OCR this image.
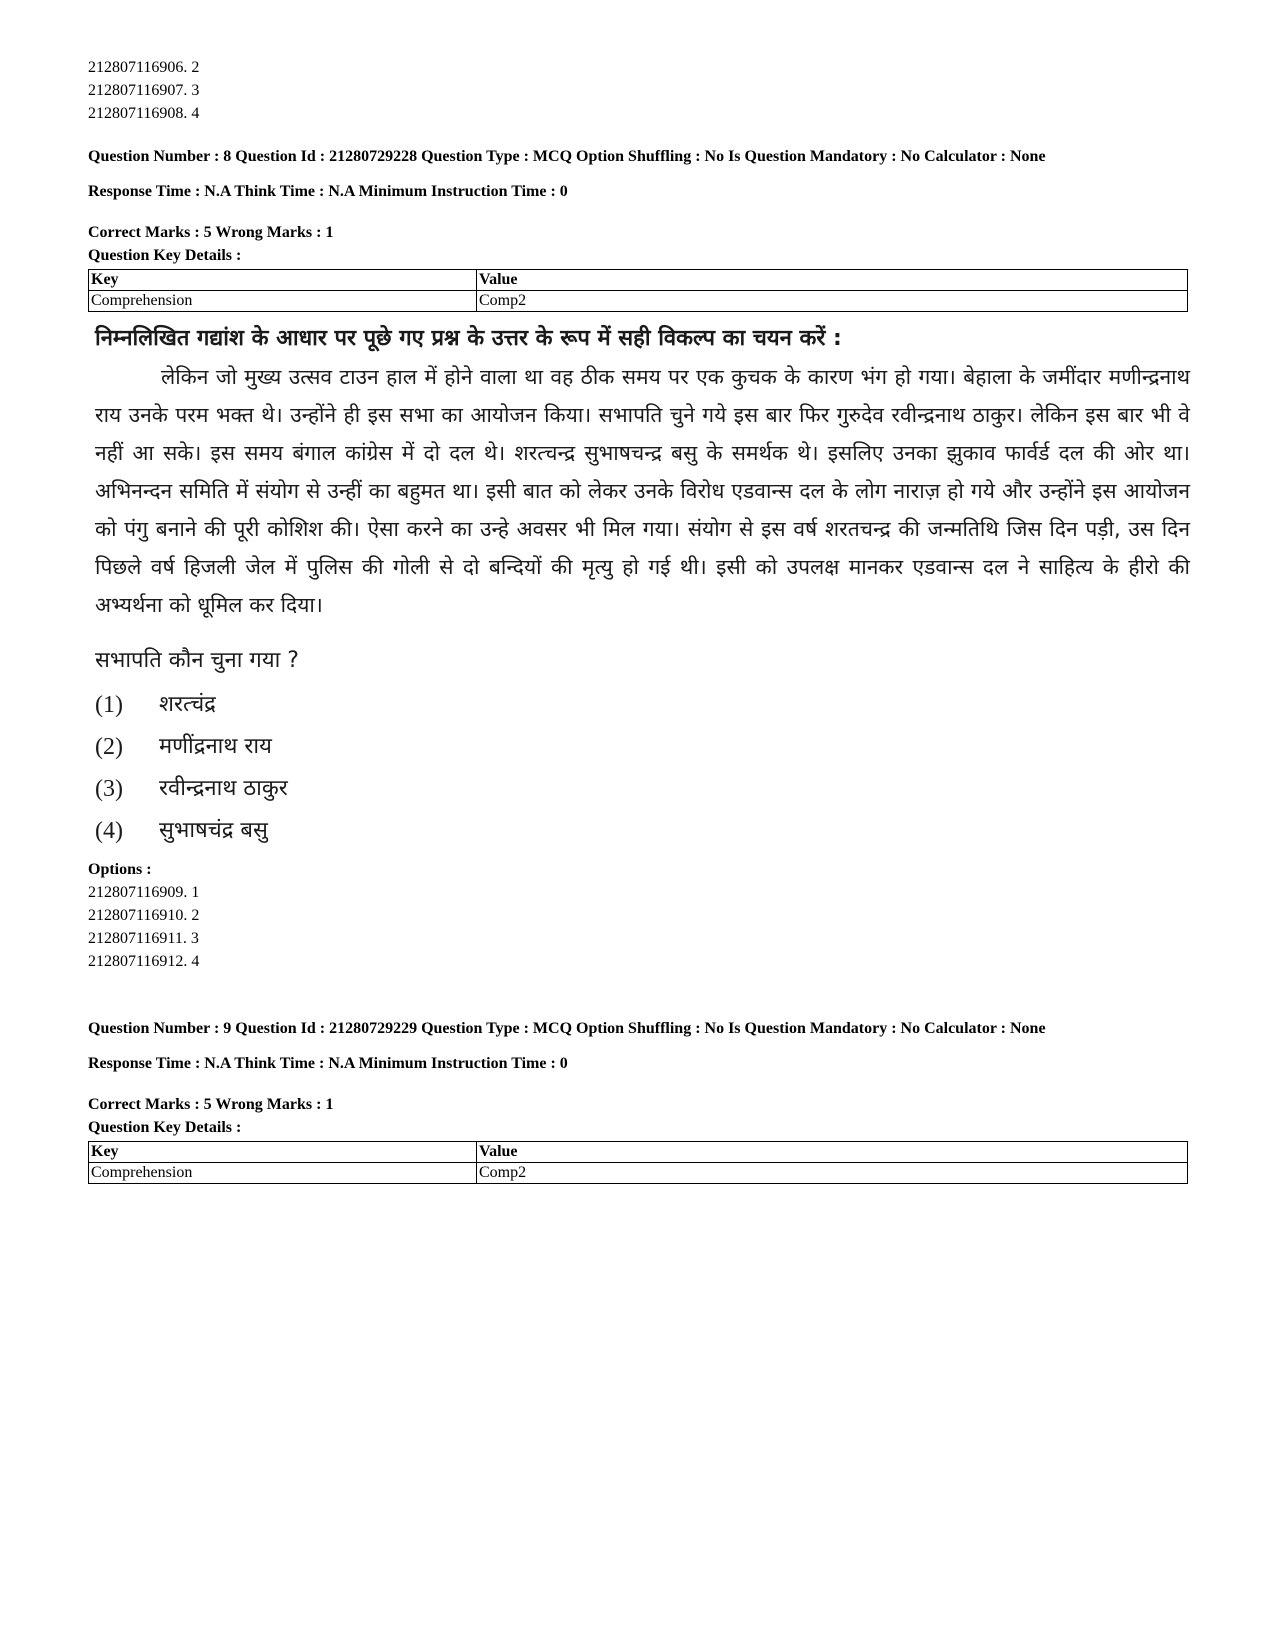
212807116906. 2

212807116907. 3

212807116908. 4

Question Number : 8 Question Id : 21280729228 Question Type : MCQ Option Shuffling : No Is Question Mandatory : No Calculator : None

Response Time : N.A Think Time : N.A Minimum Instruction Time : 0

Correct Marks : 5 Wrong Marks : 1

Question Key Details :

Key	Value
Comprehension	Comp2

निम्नलिखित गद्यांश के आधार पर पूछे गए प्रश्न के उत्तर के रूप में सही विकल्प का चयन करें :

लेकिन जो मुख्य उत्सव टाउन हाल में होने वाला था वह ठीक समय पर एक कुचक के कारण भंग हो गया। बेहाला के जमींदार मणीन्द्रनाथ राय उनके परम भक्त थे। उन्होंने ही इस सभा का आयोजन किया। सभापति चुने गये इस बार फिर गुरुदेव रवीन्द्रनाथ ठाकुर। लेकिन इस बार भी वे नहीं आ सके। इस समय बंगाल कांग्रेस में दो दल थे। शरत्चन्द्र सुभाषचन्द्र बसु के समर्थक थे। इसलिए उनका झुकाव फार्वर्ड दल की ओर था। अभिनन्दन समिति में संयोग से उन्हीं का बहुमत था। इसी बात को लेकर उनके विरोध एडवान्स दल के लोग नाराज़ हो गये और उन्होंने इस आयोजन को पंगु बनाने की पूरी कोशिश की। ऐसा करने का उन्हे अवसर भी मिल गया। संयोग से इस वर्ष शरतचन्द्र की जन्मतिथि जिस दिन पड़ी, उस दिन पिछले वर्ष हिजली जेल में पुलिस की गोली से दो बन्दियों की मृत्यु हो गई थी। इसी को उपलक्ष मानकर एडवान्स दल ने साहित्य के हीरो की अभ्यर्थना को धूमिल कर दिया।

सभापति कौन चुना गया ?

(1)	शरत्चंद्र
(2)	मणींद्रनाथ राय
(3)	रवीन्द्रनाथ ठाकुर
(4)	सुभाषचंद्र बसु

Options :

212807116909. 1

212807116910. 2

212807116911. 3

212807116912. 4

Question Number : 9 Question Id : 21280729229 Question Type : MCQ Option Shuffling : No Is Question Mandatory : No Calculator : None

Response Time : N.A Think Time : N.A Minimum Instruction Time : 0

Correct Marks : 5 Wrong Marks : 1

Question Key Details :

Key	Value
Comprehension	Comp2
